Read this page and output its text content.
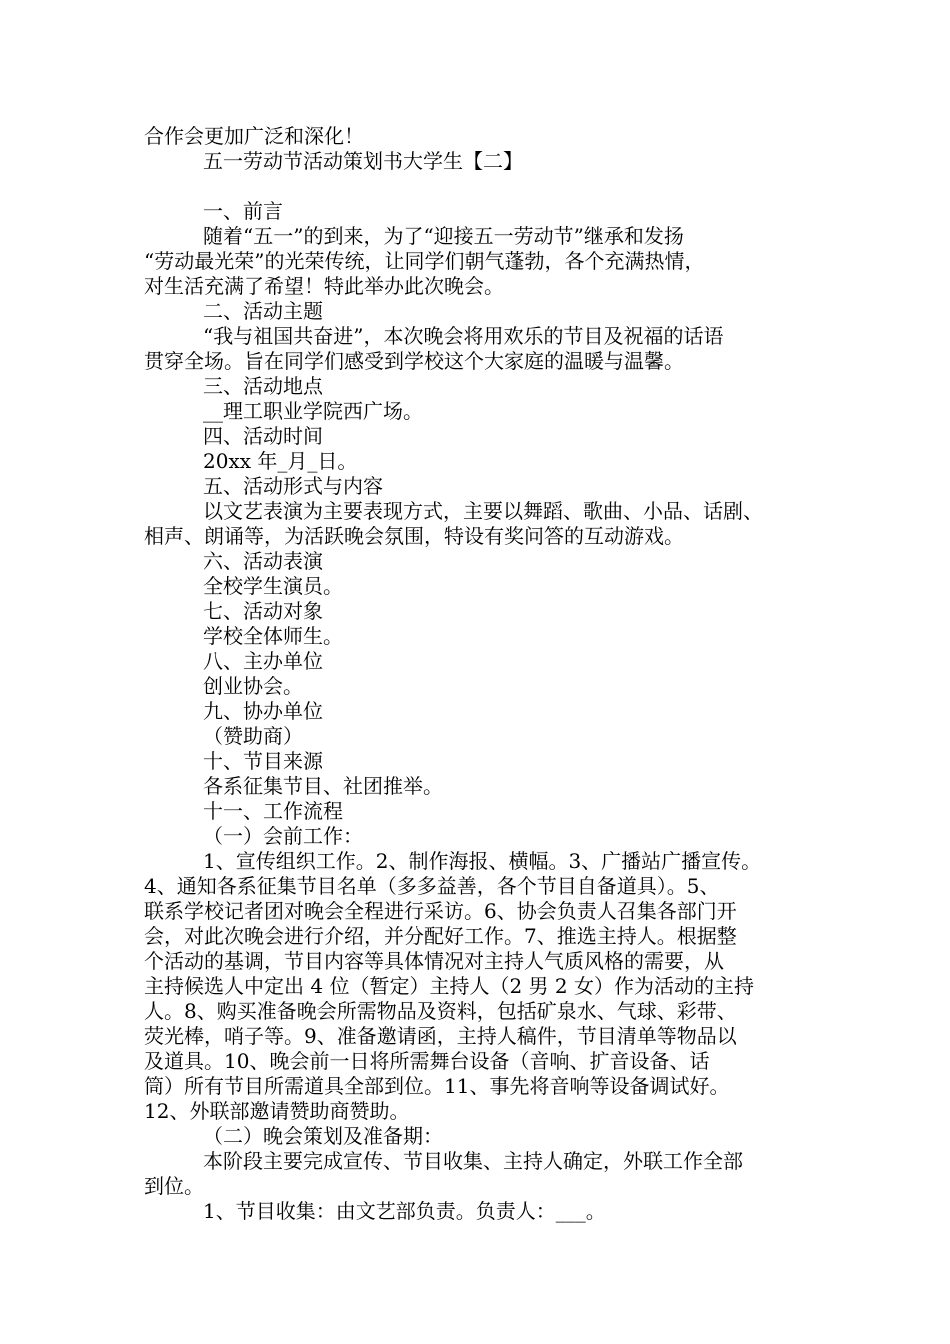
合作会更加广泛和深化！
五一劳动节活动策划书大学生【二】
一、前言
随着“五一”的到来，为了“迎接五一劳动节”继承和发扬
“劳动最光荣”的光荣传统，让同学们朝气蓬勃，各个充满热情，
对生活充满了希望！特此举办此次晚会。
二、活动主题
“我与祖国共奋进”，本次晚会将用欢乐的节目及祝福的话语
贯穿全场。旨在同学们感受到学校这个大家庭的温暖与温馨。
三、活动地点
__理工职业学院西广场。
四、活动时间
20xx 年_月_日。
五、活动形式与内容
以文艺表演为主要表现方式，主要以舞蹈、歌曲、小品、话剧、
相声、朗诵等，为活跃晚会氛围，特设有奖问答的互动游戏。
六、活动表演
全校学生演员。
七、活动对象
学校全体师生。
八、主办单位
创业协会。
九、协办单位
（赞助商）
十、节目来源
各系征集节目、社团推举。
十一、工作流程
（一）会前工作：
1、宣传组织工作。2、制作海报、横幅。3、广播站广播宣传。
4、通知各系征集节目名单（多多益善，各个节目自备道具）。5、
联系学校记者团对晚会全程进行采访。6、协会负责人召集各部门开
会，对此次晚会进行介绍，并分配好工作。7、推选主持人。根据整
个活动的基调，节目内容等具体情况对主持人气质风格的需要，从
主持候选人中定出 4 位（暂定）主持人（2 男 2 女）作为活动的主持
人。8、购买准备晚会所需物品及资料，包括矿泉水、气球、彩带、
荧光棒，哨子等。9、准备邀请函，主持人稿件，节目清单等物品以
及道具。10、晚会前一日将所需舞台设备（音响、扩音设备、话
筒）所有节目所需道具全部到位。11、事先将音响等设备调试好。
12、外联部邀请赞助商赞助。
（二）晚会策划及准备期：
本阶段主要完成宣传、节目收集、主持人确定，外联工作全部
到位。
1、节目收集：由文艺部负责。负责人：___。
